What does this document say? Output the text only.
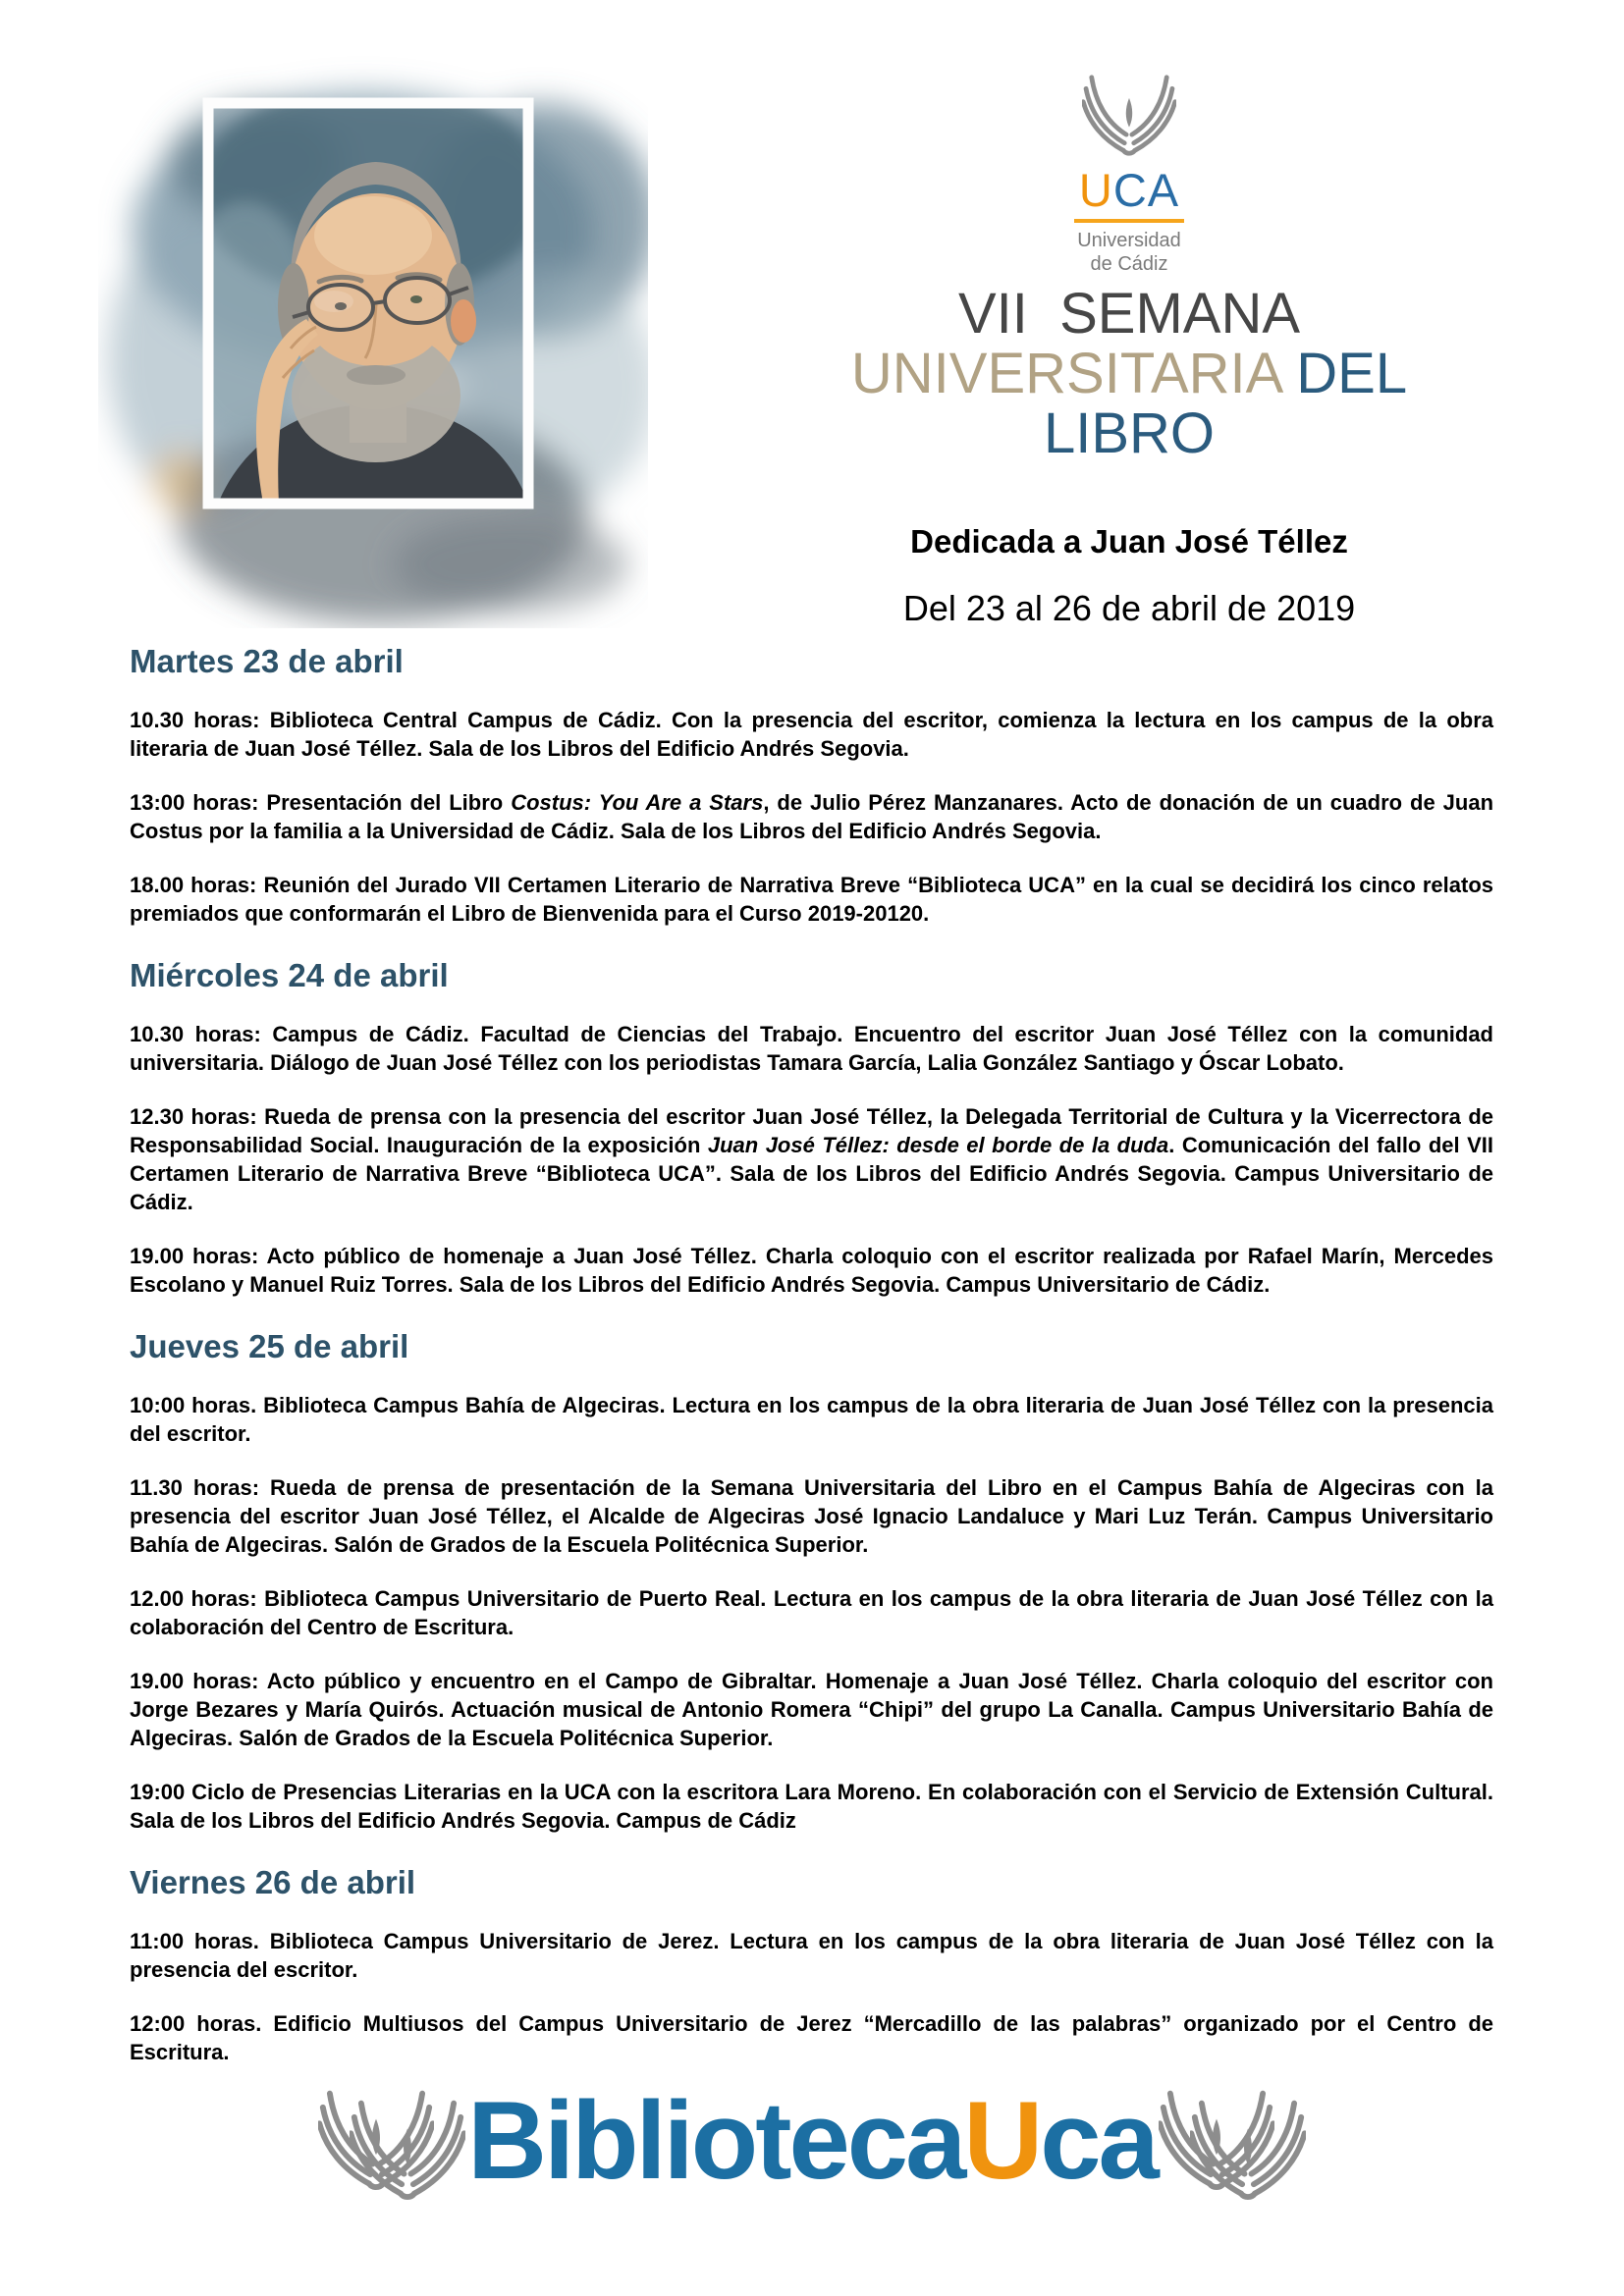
UCA
Universidad
de Cádiz
VII  SEMANA
UNIVERSITARIA DEL
LIBRO
Dedicada a Juan José Téllez
Del 23 al 26 de abril de 2019
Martes 23 de abril

10.30 horas: Biblioteca Central Campus de Cádiz. Con la presencia del escritor, comienza la lectura en los campus de la obra literaria de Juan José Téllez. Sala de los Libros del Edificio Andrés Segovia.

13:00 horas: Presentación del Libro Costus: You Are a Stars, de Julio Pérez Manzanares. Acto de donación de un cuadro de Juan Costus por la familia a la Universidad de Cádiz. Sala de los Libros del Edificio Andrés Segovia.

18.00 horas: Reunión del Jurado VII Certamen Literario de Narrativa Breve “Biblioteca UCA” en la cual se decidirá los cinco relatos premiados que conformarán el Libro de Bienvenida para el Curso 2019-20120.

Miércoles 24 de abril

10.30 horas: Campus de Cádiz. Facultad de Ciencias del Trabajo. Encuentro del escritor Juan José Téllez con la comunidad universitaria. Diálogo de Juan José Téllez con los periodistas Tamara García, Lalia González Santiago y Óscar Lobato.

12.30 horas: Rueda de prensa con la presencia del escritor Juan José Téllez, la Delegada Territorial de Cultura y la Vicerrectora de Responsabilidad Social. Inauguración de la exposición Juan José Téllez: desde el borde de la duda. Comunicación del fallo del VII Certamen Literario de Narrativa Breve “Biblioteca UCA”. Sala de los Libros del Edificio Andrés Segovia. Campus Universitario de Cádiz.

19.00 horas: Acto público de homenaje a Juan José Téllez. Charla coloquio con el escritor realizada por Rafael Marín, Mercedes Escolano y Manuel Ruiz Torres. Sala de los Libros del Edificio Andrés Segovia. Campus Universitario de Cádiz.

Jueves 25 de abril

10:00 horas. Biblioteca Campus Bahía de Algeciras. Lectura en los campus de la obra literaria de Juan José Téllez con la presencia del escritor.

11.30 horas: Rueda de prensa de presentación de la Semana Universitaria del Libro en el Campus Bahía de Algeciras con la presencia del escritor Juan José Téllez, el Alcalde de Algeciras José Ignacio Landaluce y Mari Luz Terán. Campus Universitario Bahía de Algeciras. Salón de Grados de la Escuela Politécnica Superior.

12.00 horas: Biblioteca Campus Universitario de Puerto Real. Lectura en los campus de la obra literaria de Juan José Téllez con la colaboración del Centro de Escritura.

19.00 horas: Acto público y encuentro en el Campo de Gibraltar. Homenaje a Juan José Téllez. Charla coloquio del escritor con Jorge Bezares y María Quirós. Actuación musical de Antonio Romera “Chipi” del grupo La Canalla. Campus Universitario Bahía de Algeciras. Salón de Grados de la Escuela Politécnica Superior.

19:00 Ciclo de Presencias Literarias en la UCA con la escritora Lara Moreno. En colaboración con el Servicio de Extensión Cultural. Sala de los Libros del Edificio Andrés Segovia. Campus de Cádiz

Viernes 26 de abril

11:00 horas. Biblioteca Campus Universitario de Jerez. Lectura en los campus de la obra literaria de Juan José Téllez con la presencia del escritor.

12:00 horas. Edificio Multiusos del Campus Universitario de Jerez “Mercadillo de las palabras” organizado por el Centro de Escritura.

BibliotecaUca
